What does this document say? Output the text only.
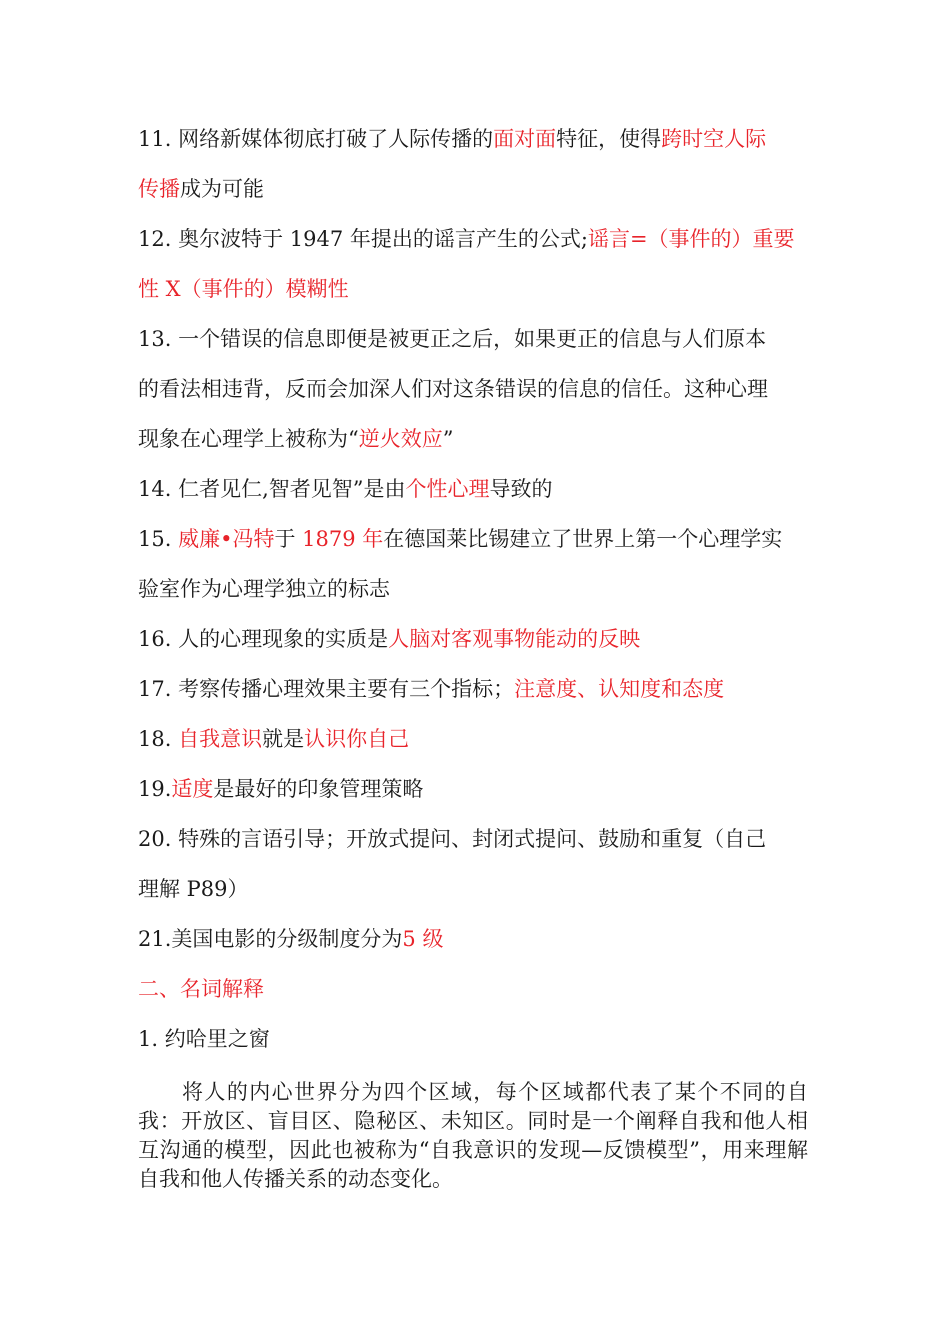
11. 网络新媒体彻底打破了人际传播的面对面特征，使得跨时空人际
传播成为可能
12. 奥尔波特于 1947 年提出的谣言产生的公式;谣言=（事件的）重要
性 X（事件的）模糊性
13. 一个错误的信息即便是被更正之后，如果更正的信息与人们原本
的看法相违背，反而会加深人们对这条错误的信息的信任。这种心理
现象在心理学上被称为“逆火效应”
14. 仁者见仁,智者见智”是由个性心理导致的
15. 威廉•冯特于 1879 年在德国莱比锡建立了世界上第一个心理学实
验室作为心理学独立的标志
16. 人的心理现象的实质是人脑对客观事物能动的反映
17. 考察传播心理效果主要有三个指标；注意度、认知度和态度
18. 自我意识就是认识你自己
19.适度是最好的印象管理策略
20. 特殊的言语引导；开放式提问、封闭式提问、鼓励和重复（自己
理解 P89）
21.美国电影的分级制度分为5 级
二、名词解释
1. 约哈里之窗
将人的内心世界分为四个区域，每个区域都代表了某个不同的自我：开放区、盲目区、隐秘区、未知区。同时是一个阐释自我和他人相互沟通的模型，因此也被称为“自我意识的发现—反馈模型”，用来理解自我和他人传播关系的动态变化。
